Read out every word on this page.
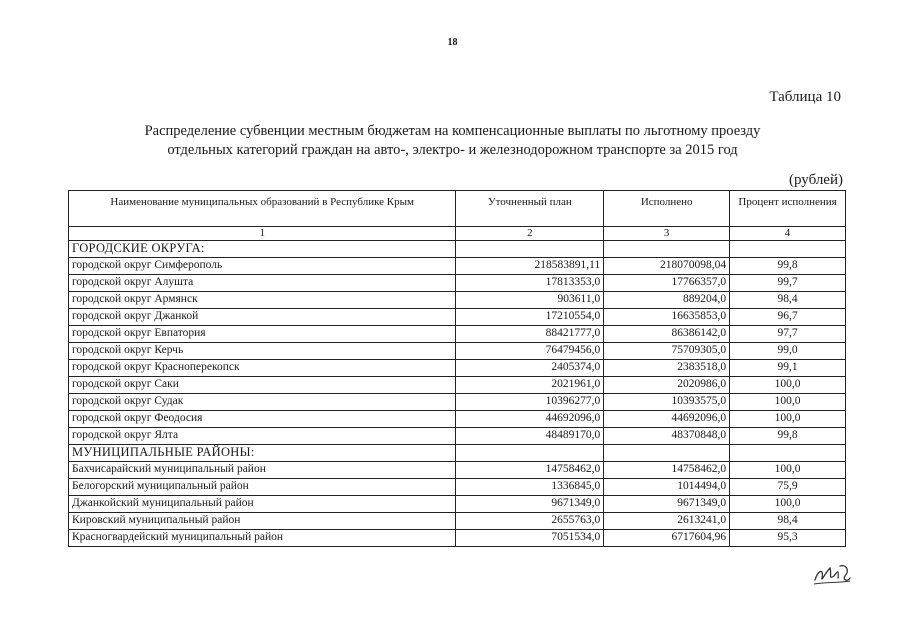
18
Таблица 10
Распределение субвенции местным бюджетам на компенсационные выплаты по льготному проезду
отдельных категорий граждан на авто-, электро- и железнодорожном транспорте за 2015 год
(рублей)
Наименование муниципальных образований в Республике Крым	Уточненный план	Исполнено	Процент исполнения
1	2	3	4
ГОРОДСКИЕ ОКРУГА:			
городской округ Симферополь	218583891,11	218070098,04	99,8
городской округ Алушта	17813353,0	17766357,0	99,7
городской округ Армянск	903611,0	889204,0	98,4
городской округ Джанкой	17210554,0	16635853,0	96,7
городской округ Евпатория	88421777,0	86386142,0	97,7
городской округ Керчь	76479456,0	75709305,0	99,0
городской округ Красноперекопск	2405374,0	2383518,0	99,1
городской округ Саки	2021961,0	2020986,0	100,0
городской округ Судак	10396277,0	10393575,0	100,0
городской округ Феодосия	44692096,0	44692096,0	100,0
городской округ Ялта	48489170,0	48370848,0	99,8
МУНИЦИПАЛЬНЫЕ РАЙОНЫ:			
Бахчисарайский муниципальный район	14758462,0	14758462,0	100,0
Белогорский муниципальный район	1336845,0	1014494,0	75,9
Джанкойский муниципальный район	9671349,0	9671349,0	100,0
Кировский муниципальный район	2655763,0	2613241,0	98,4
Красногвардейский муниципальный район	7051534,0	6717604,96	95,3
